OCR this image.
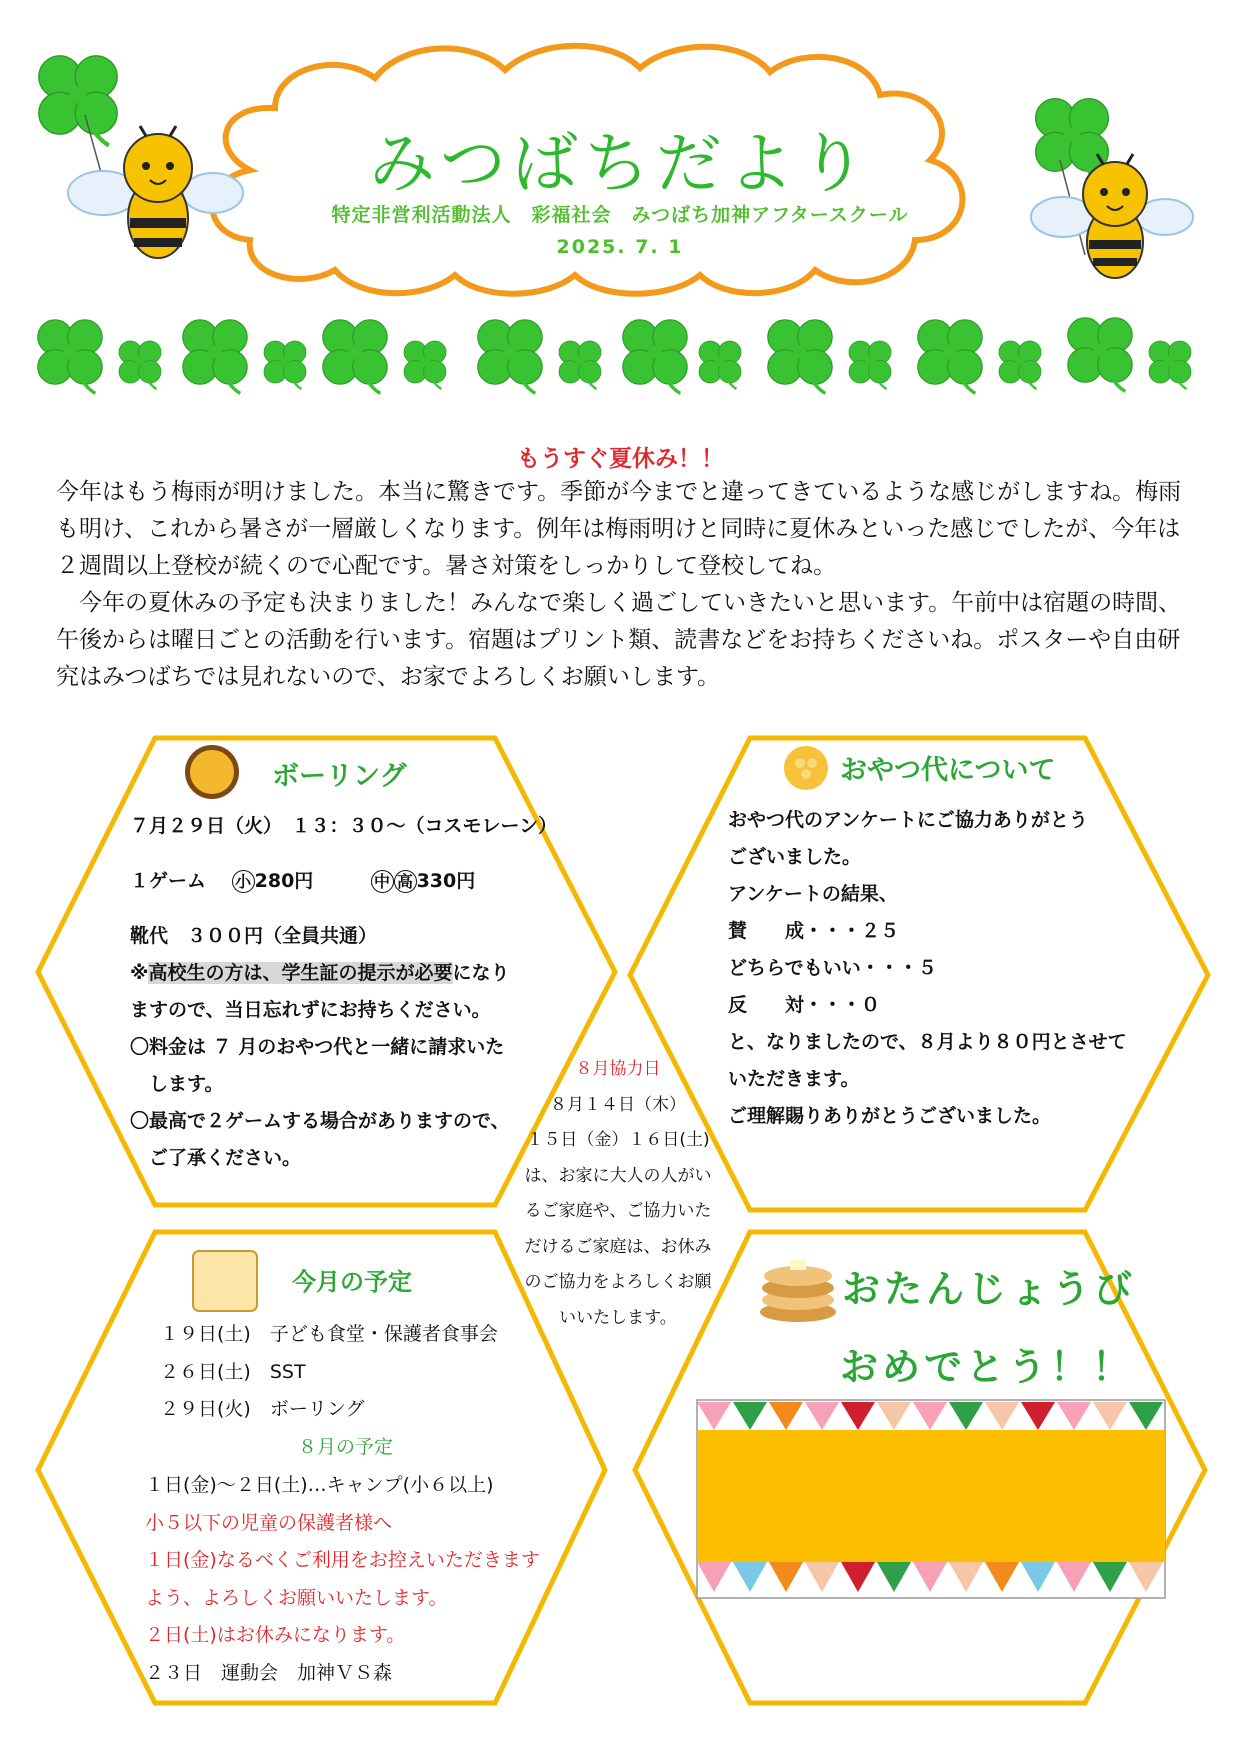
みつばちだより
特定非営利活動法人　彩福社会　みつばち加神アフタースクール
2025. 7. 1
もうすぐ夏休み！！

今年はもう梅雨が明けました。本当に驚きです。季節が今までと違ってきているような感じがしますね。梅雨も明け、これから暑さが一層厳しくなります。例年は梅雨明けと同時に夏休みといった感じでしたが、今年は２週間以上登校が続くので心配です。暑さ対策をしっかりして登校してね。

今年の夏休みの予定も決まりました！みんなで楽しく過ごしていきたいと思います。午前中は宿題の時間、午後からは曜日ごとの活動を行います。宿題はプリント類、読書などをお持ちくださいね。ポスターや自由研究はみつばちでは見れないので、お家でよろしくお願いします。

ボーリング
７月２９日（火）　１３：３０～（コスモレーン）
１ゲーム　 小 280円	中 高 330円
靴代　３００円（全員共通）
※高校生の方は、学生証の提示が必要になり
ますので、当日忘れずにお持ちください。
〇料金は ７ 月のおやつ代と一緒に請求いた
　します。
〇最高で２ゲームする場合がありますので、
　ご了承ください。
おやつ代について
おやつ代のアンケートにご協力ありがとう
ございました。
アンケートの結果、
賛　　成・・・２５
どちらでもいい・・・５
反　　対・・・０
と、なりましたので、８月より８０円とさせて
いただきます。
ご理解賜りありがとうございました。
８月協力日
８月１４日（木）
１５日（金）１６日(土)
は、お家に大人の人がい
るご家庭や、ご協力いた
だけるご家庭は、お休み
のご協力をよろしくお願
いいたします。
今月の予定
１９日(土)　子ども食堂・保護者食事会
２６日(土)　SST
２９日(火)　ボーリング
８月の予定
１日(金)～２日(土)…キャンプ(小６以上)
小５以下の児童の保護者様へ
１日(金)なるべくご利用をお控えいただきます
よう、よろしくお願いいたします。
２日(土)はお休みになります。
２３日　運動会　加神ＶＳ森
おたんじょうび
おめでとう！！
